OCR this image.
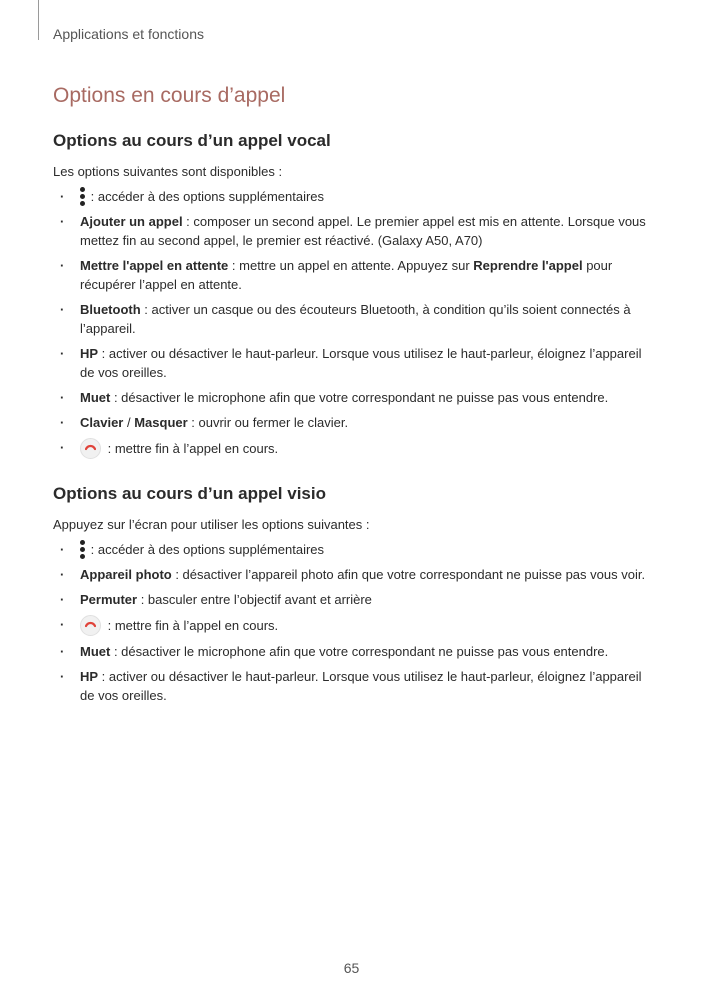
Applications et fonctions
Options en cours d’appel
Options au cours d’un appel vocal

Les options suivantes sont disponibles :

· : accéder à des options supplémentaires
· Ajouter un appel : composer un second appel. Le premier appel est mis en attente. Lorsque vous mettez fin au second appel, le premier est réactivé. (Galaxy A50, A70)
· Mettre l'appel en attente : mettre un appel en attente. Appuyez sur Reprendre l'appel pour récupérer l’appel en attente.
· Bluetooth : activer un casque ou des écouteurs Bluetooth, à condition qu’ils soient connectés à l’appareil.
· HP : activer ou désactiver le haut-parleur. Lorsque vous utilisez le haut-parleur, éloignez l’appareil de vos oreilles.
· Muet : désactiver le microphone afin que votre correspondant ne puisse pas vous entendre.
· Clavier / Masquer : ouvrir ou fermer le clavier.
· : mettre fin à l’appel en cours.
Options au cours d’un appel visio

Appuyez sur l’écran pour utiliser les options suivantes :

· : accéder à des options supplémentaires
· Appareil photo : désactiver l’appareil photo afin que votre correspondant ne puisse pas vous voir.
· Permuter : basculer entre l’objectif avant et arrière
· : mettre fin à l’appel en cours.
· Muet : désactiver le microphone afin que votre correspondant ne puisse pas vous entendre.
· HP : activer ou désactiver le haut-parleur. Lorsque vous utilisez le haut-parleur, éloignez l’appareil de vos oreilles.
65
